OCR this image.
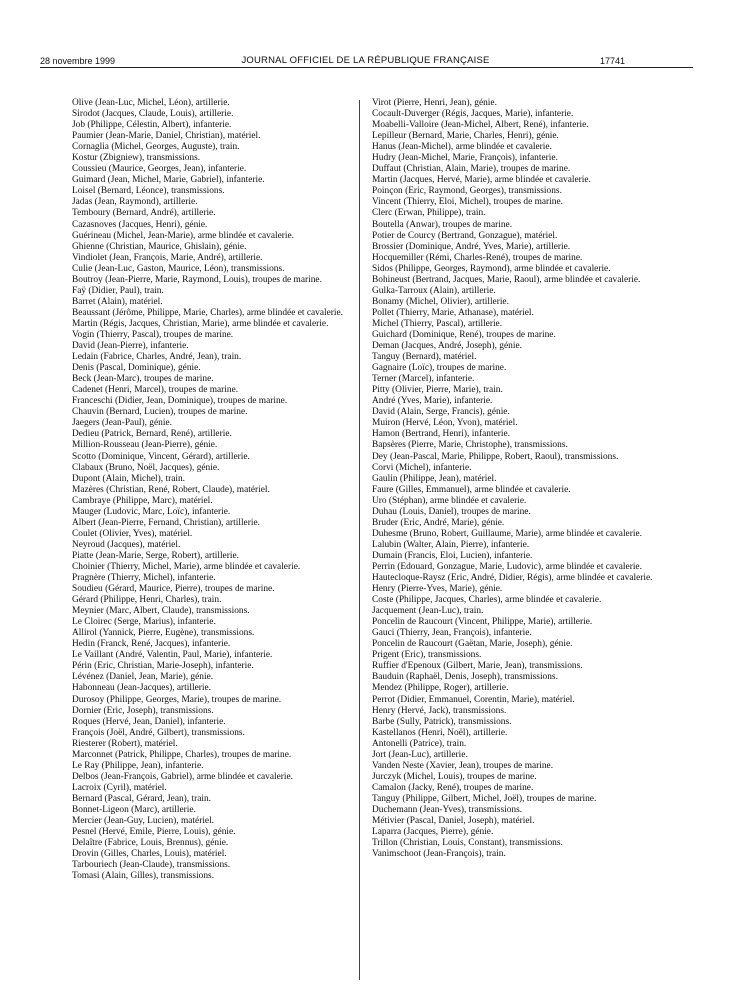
28 novembre 1999	JOURNAL OFFICIEL DE LA RÉPUBLIQUE FRANÇAISE	17741
Olive (Jean-Luc, Michel, Léon), artillerie.
Sirodot (Jacques, Claude, Louis), artillerie.
Job (Philippe, Célestin, Albert), infanterie.
Paumier (Jean-Marie, Daniel, Christian), matériel.
Cornaglia (Michel, Georges, Auguste), train.
Kostur (Zbigniew), transmissions.
Coussieu (Maurice, Georges, Jean), infanterie.
Guimard (Jean, Michel, Marie, Gabriel), infanterie.
Loisel (Bernard, Léonce), transmissions.
Jadas (Jean, Raymond), artillerie.
Temboury (Bernard, André), artillerie.
Cazasnoves (Jacques, Henri), génie.
Guérineau (Michel, Jean-Marie), arme blindée et cavalerie.
Ghienne (Christian, Maurice, Ghislain), génie.
Vindiolet (Jean, François, Marie, André), artillerie.
Culie (Jean-Luc, Gaston, Maurice, Léon), transmissions.
Boutroy (Jean-Pierre, Marie, Raymond, Louis), troupes de marine.
Faÿ (Didier, Paul), train.
Barret (Alain), matériel.
Beaussant (Jérôme, Philippe, Marie, Charles), arme blindée et cavalerie.
Martin (Régis, Jacques, Christian, Marie), arme blindée et cavalerie.
Vogin (Thierry, Pascal), troupes de marine.
David (Jean-Pierre), infanterie.
Ledain (Fabrice, Charles, André, Jean), train.
Denis (Pascal, Dominique), génie.
Beck (Jean-Marc), troupes de marine.
Cadenet (Henri, Marcel), troupes de marine.
Franceschi (Didier, Jean, Dominique), troupes de marine.
Chauvin (Bernard, Lucien), troupes de marine.
Jaegers (Jean-Paul), génie.
Dedieu (Patrick, Bernard, René), artillerie.
Million-Rousseau (Jean-Pierre), génie.
Scotto (Dominique, Vincent, Gérard), artillerie.
Clabaux (Bruno, Noël, Jacques), génie.
Dupont (Alain, Michel), train.
Mazères (Christian, René, Robert, Claude), matériel.
Cambraye (Philippe, Marc), matériel.
Mauger (Ludovic, Marc, Loïc), infanterie.
Albert (Jean-Pierre, Fernand, Christian), artillerie.
Coulet (Olivier, Yves), matériel.
Neyroud (Jacques), matériel.
Piatte (Jean-Marie, Serge, Robert), artillerie.
Choinier (Thierry, Michel, Marie), arme blindée et cavalerie.
Pragnère (Thierry, Michel), infanterie.
Soudieu (Gérard, Maurice, Pierre), troupes de marine.
Gérard (Philippe, Henri, Charles), train.
Meynier (Marc, Albert, Claude), transmissions.
Le Cloirec (Serge, Marius), infanterie.
Allirol (Yannick, Pierre, Eugène), transmissions.
Hedin (Franck, René, Jacques), infanterie.
Le Vaillant (André, Valentin, Paul, Marie), infanterie.
Périn (Eric, Christian, Marie-Joseph), infanterie.
Lévénez (Daniel, Jean, Marie), génie.
Habonneau (Jean-Jacques), artillerie.
Durosoy (Philippe, Georges, Marie), troupes de marine.
Dornier (Eric, Joseph), transmissions.
Roques (Hervé, Jean, Daniel), infanterie.
François (Joël, André, Gilbert), transmissions.
Riesterer (Robert), matériel.
Marconnet (Patrick, Philippe, Charles), troupes de marine.
Le Ray (Philippe, Jean), infanterie.
Delbos (Jean-François, Gabriel), arme blindée et cavalerie.
Lacroix (Cyril), matériel.
Bernard (Pascal, Gérard, Jean), train.
Bonnet-Ligeon (Marc), artillerie.
Mercier (Jean-Guy, Lucien), matériel.
Pesnel (Hervé, Emile, Pierre, Louis), génie.
Delaître (Fabrice, Louis, Brennus), génie.
Drovin (Gilles, Charles, Louis), matériel.
Tarbouriech (Jean-Claude), transmissions.
Tomasi (Alain, Gilles), transmissions.
Virot (Pierre, Henri, Jean), génie.
Cocault-Duverger (Régis, Jacques, Marie), infanterie.
Moabelli-Valloire (Jean-Michel, Albert, René), infanterie.
Lepilleur (Bernard, Marie, Charles, Henri), génie.
Hanus (Jean-Michel), arme blindée et cavalerie.
Hudry (Jean-Michel, Marie, François), infanterie.
Duffaut (Christian, Alain, Marie), troupes de marine.
Martin (Jacques, Hervé, Marie), arme blindée et cavalerie.
Poinçon (Eric, Raymond, Georges), transmissions.
Vincent (Thierry, Eloi, Michel), troupes de marine.
Clerc (Erwan, Philippe), train.
Boutella (Anwar), troupes de marine.
Potier de Courcy (Bertrand, Gonzague), matériel.
Brossier (Dominique, André, Yves, Marie), artillerie.
Hocquemiller (Rémi, Charles-René), troupes de marine.
Sidos (Philippe, Georges, Raymond), arme blindée et cavalerie.
Bohineust (Bertrand, Jacques, Marie, Raoul), arme blindée et cavalerie.
Gulka-Tarroux (Alain), artillerie.
Bonamy (Michel, Olivier), artillerie.
Pollet (Thierry, Marie, Athanase), matériel.
Michel (Thierry, Pascal), artillerie.
Guichard (Dominique, René), troupes de marine.
Deman (Jacques, André, Joseph), génie.
Tanguy (Bernard), matériel.
Gagnaire (Loïc), troupes de marine.
Terner (Marcel), infanterie.
Pitty (Olivier, Pierre, Marie), train.
André (Yves, Marie), infanterie.
David (Alain, Serge, Francis), génie.
Muiron (Hervé, Léon, Yvon), matériel.
Hamon (Bertrand, Henri), infanterie.
Bapsères (Pierre, Marie, Christophe), transmissions.
Dey (Jean-Pascal, Marie, Philippe, Robert, Raoul), transmissions.
Corvi (Michel), infanterie.
Gaulin (Philippe, Jean), matériel.
Faure (Gilles, Emmanuel), arme blindée et cavalerie.
Uro (Stéphan), arme blindée et cavalerie.
Duhau (Louis, Daniel), troupes de marine.
Bruder (Eric, André, Marie), génie.
Duhesme (Bruno, Robert, Guillaume, Marie), arme blindée et cavalerie.
Lalubin (Walter, Alain, Pierre), infanterie.
Dumain (Francis, Eloi, Lucien), infanterie.
Perrin (Edouard, Gonzague, Marie, Ludovic), arme blindée et cavalerie.
Hautecloque-Raysz (Eric, André, Didier, Régis), arme blindée et cavalerie.
Henry (Pierre-Yves, Marie), génie.
Coste (Philippe, Jacques, Charles), arme blindée et cavalerie.
Jacquement (Jean-Luc), train.
Poncelin de Raucourt (Vincent, Philippe, Marie), artillerie.
Gauci (Thierry, Jean, François), infanterie.
Poncelin de Raucourt (Gaëtan, Marie, Joseph), génie.
Prigent (Eric), transmissions.
Ruffier d'Epenoux (Gilbert, Marie, Jean), transmissions.
Bauduin (Raphaël, Denis, Joseph), transmissions.
Mendez (Philippe, Roger), artillerie.
Perrot (Didier, Emmanuel, Corentin, Marie), matériel.
Henry (Hervé, Jack), transmissions.
Barbe (Sully, Patrick), transmissions.
Kastellanos (Henri, Noël), artillerie.
Antonelli (Patrice), train.
Jort (Jean-Luc), artillerie.
Vanden Neste (Xavier, Jean), troupes de marine.
Jurczyk (Michel, Louis), troupes de marine.
Camalon (Jacky, René), troupes de marine.
Tanguy (Philippe, Gilbert, Michel, Joël), troupes de marine.
Duchemann (Jean-Yves), transmissions.
Métivier (Pascal, Daniel, Joseph), matériel.
Laparra (Jacques, Pierre), génie.
Trillon (Christian, Louis, Constant), transmissions.
Vanimschoot (Jean-François), train.
